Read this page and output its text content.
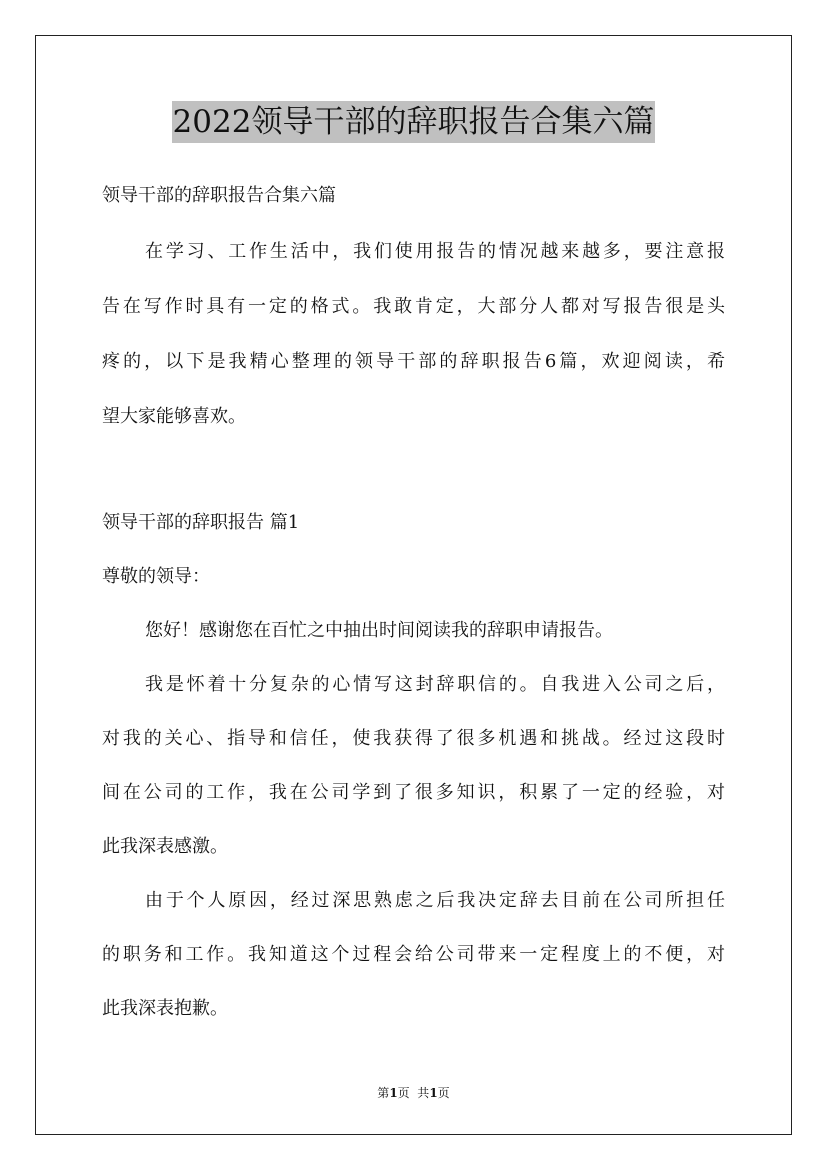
2022领导干部的辞职报告合集六篇
领导干部的辞职报告合集六篇
在学习、工作生活中，我们使用报告的情况越来越多，要注意报
告在写作时具有一定的格式。我敢肯定，大部分人都对写报告很是头
疼的，以下是我精心整理的领导干部的辞职报告6篇，欢迎阅读，希
望大家能够喜欢。
领导干部的辞职报告 篇1
尊敬的领导：
您好！感谢您在百忙之中抽出时间阅读我的辞职申请报告。
我是怀着十分复杂的心情写这封辞职信的。自我进入公司之后，
对我的关心、指导和信任，使我获得了很多机遇和挑战。经过这段时
间在公司的工作，我在公司学到了很多知识，积累了一定的经验，对
此我深表感激。
由于个人原因，经过深思熟虑之后我决定辞去目前在公司所担任
的职务和工作。我知道这个过程会给公司带来一定程度上的不便，对
此我深表抱歉。
第1页  共1页
